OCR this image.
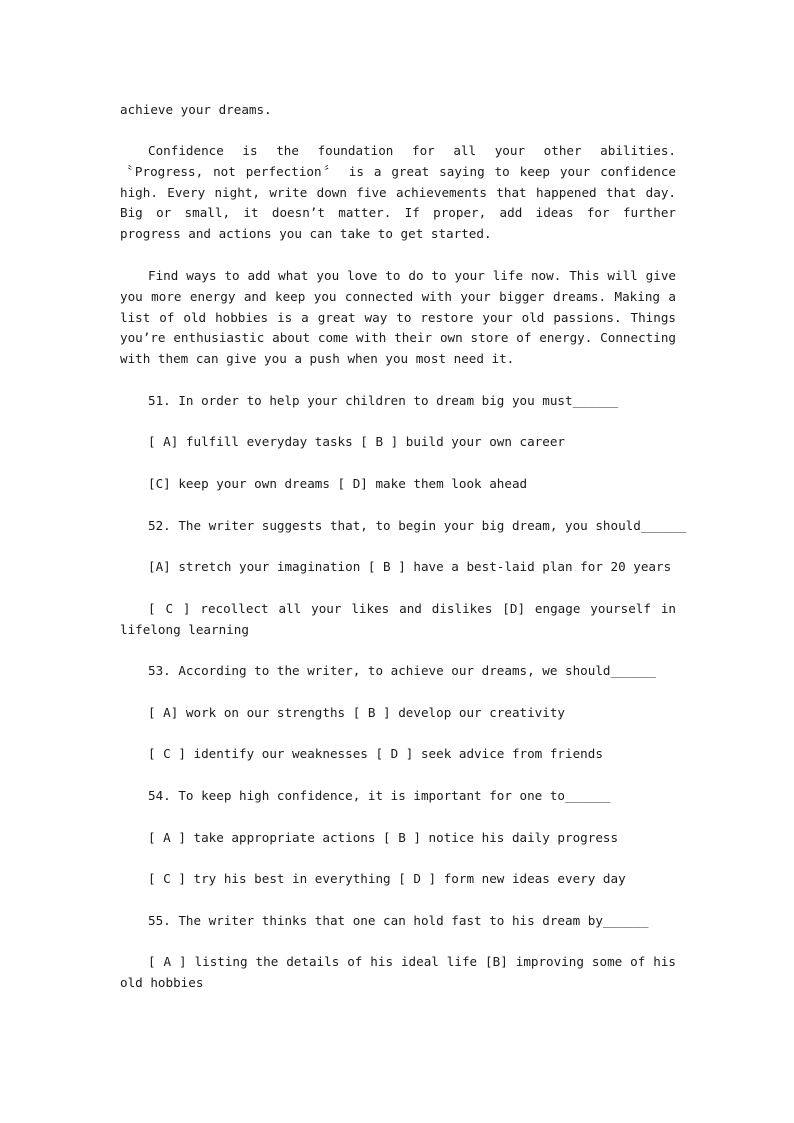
achieve your dreams.

Confidence is the foundation for all your other abilities. 〝Progress, not perfection〞 is a great saying to keep your confidence high. Every night, write down five achievements that happened that day. Big or small, it doesn’t matter. If proper, add ideas for further progress and actions you can take to get started.

Find ways to add what you love to do to your life now. This will give you more energy and keep you connected with your bigger dreams. Making a list of old hobbies is a great way to restore your old passions. Things you’re enthusiastic about come with their own store of energy. Connecting with them can give you a push when you most need it.

51. In order to help your children to dream big you must______

[ A] fulfill everyday tasks [ B ] build your own career

[C] keep your own dreams [ D] make them look ahead

52. The writer suggests that, to begin your big dream, you should______

[A] stretch your imagination [ B ] have a best-laid plan for 20 years

[ C ] recollect all your likes and dislikes [D] engage yourself in lifelong learning

53. According to the writer, to achieve our dreams, we should______

[ A] work on our strengths [ B ] develop our creativity

[ C ] identify our weaknesses [ D ] seek advice from friends

54. To keep high confidence, it is important for one to______

[ A ] take appropriate actions [ B ] notice his daily progress

[ C ] try his best in everything [ D ] form new ideas every day

55. The writer thinks that one can hold fast to his dream by______

[ A ] listing the details of his ideal life [B] improving some of his old hobbies
